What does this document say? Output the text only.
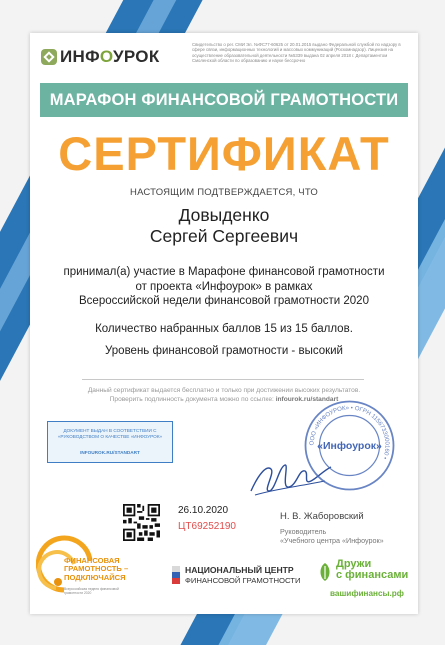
ИНФОУРОК
Свидетельство о рег. СМИ Эл. №ФС77-60625 от 20.01.2015 выдано Федеральной службой по надзору в сфере связи, информационных технологий и массовых коммуникаций (Роскомнадзор). Лицензия на осуществление образовательной деятельности №5339 выдана 02 апреля 2018 г. Департаментом Смоленской области по образованию и науке бессрочно
МАРАФОН ФИНАНСОВОЙ ГРАМОТНОСТИ
СЕРТИФИКАТ
НАСТОЯЩИМ ПОДТВЕРЖДАЕТСЯ, ЧТО
Довыденко
Сергей Сергеевич
принимал(а) участие в Марафоне финансовой грамотности
от проекта «Инфоурок» в рамках
Всероссийской недели финансовой грамотности 2020
Количество набранных баллов 15 из 15 баллов.
Уровень финансовой грамотности - высокий
Данный сертификат выдается бесплатно и только при достижении высоких результатов.
Проверить подлинность документа можно по ссылке: infourok.ru/standart
ДОКУМЕНТ ВЫДАН В СООТВЕТСТВИИ С «РУКОВОДСТВОМ О КАЧЕСТВЕ «ИНФОУРОК»
INFOUROK.RU/STANDART
ООО «ИНФОУРОК» • ОГРН 1156733000160 •
«Инфоурок»
26.10.2020
ЦТ69252190
Н. В. Жаборовский
Руководитель
«Учебного центра «Инфоурок»
ФИНАНСОВАЯ
ГРАМОТНОСТЬ –
ПОДКЛЮЧАЙСЯ
Всероссийская неделя финансовой грамотности 2020
НАЦИОНАЛЬНЫЙ ЦЕНТР
ФИНАНСОВОЙ ГРАМОТНОСТИ
Дружи
с финансами
вашифинансы.рф
